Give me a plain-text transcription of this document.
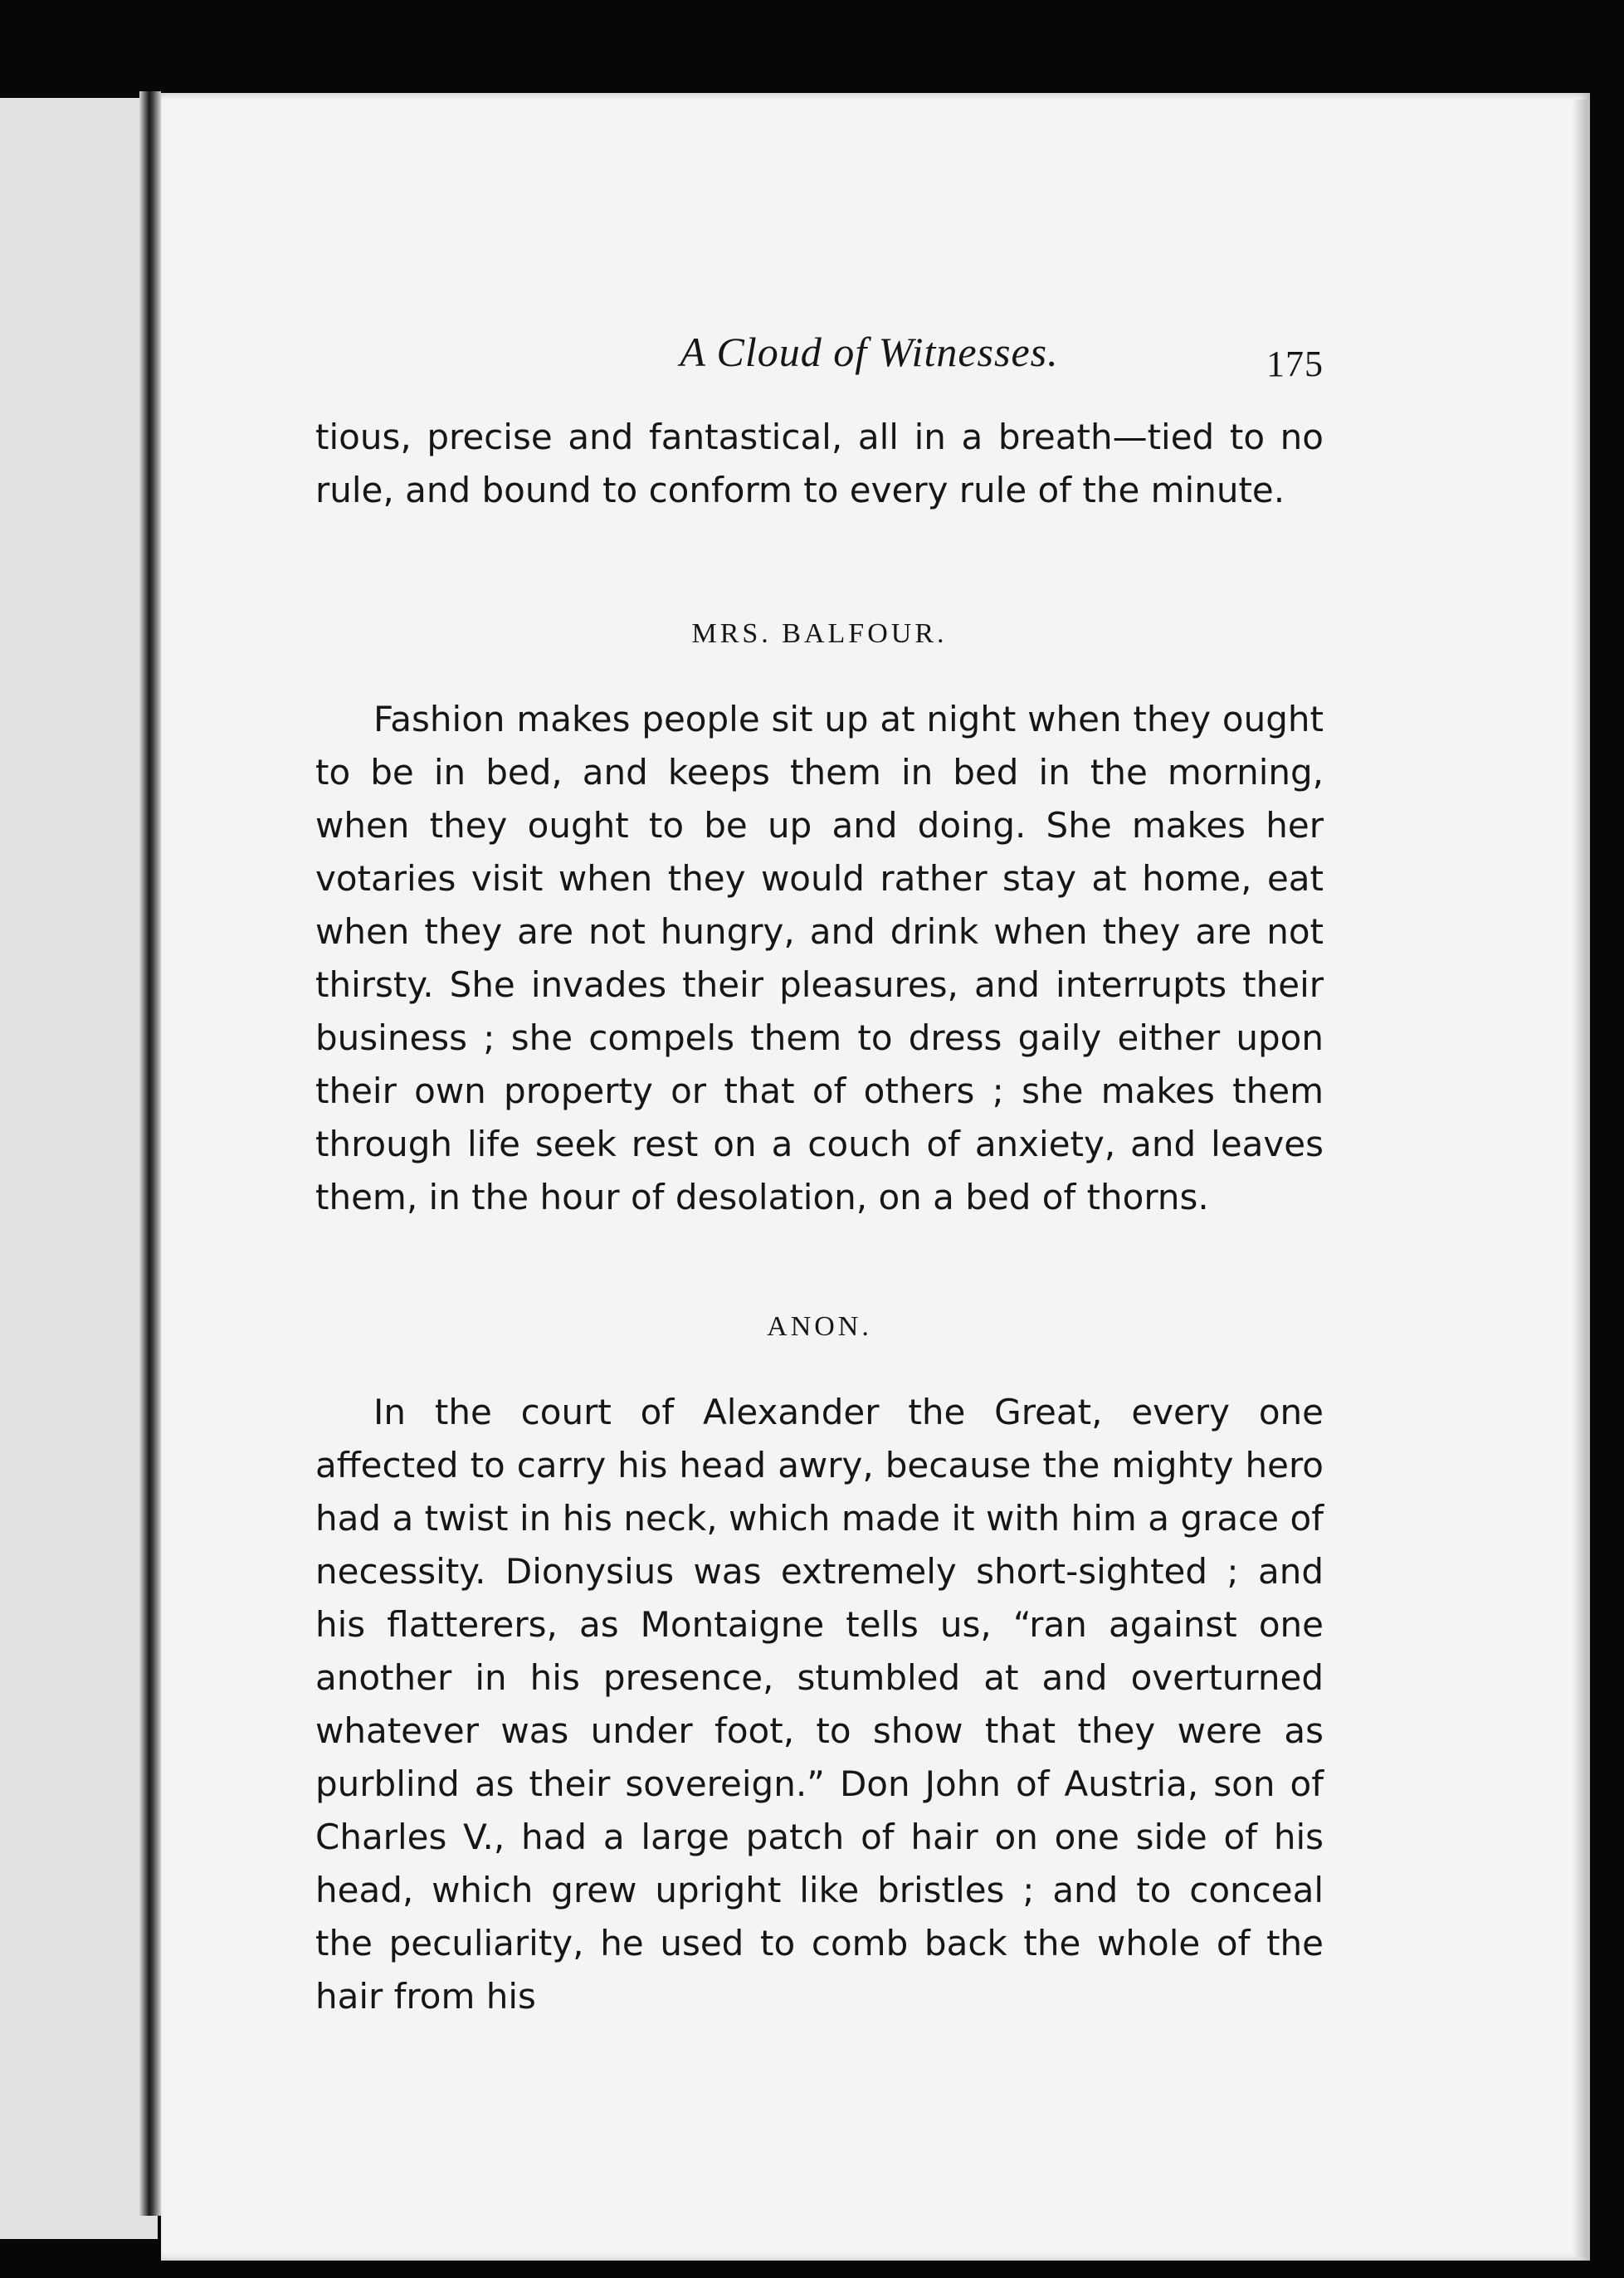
A Cloud of Witnesses.	175

tious, precise and fantastical, all in a breath—tied to no rule, and bound to conform to every rule of the minute.

MRS. BALFOUR.

Fashion makes people sit up at night when they ought to be in bed, and keeps them in bed in the morning, when they ought to be up and doing. She makes her votaries visit when they would rather stay at home, eat when they are not hungry, and drink when they are not thirsty. She invades their pleasures, and interrupts their business ; she compels them to dress gaily either upon their own property or that of others ; she makes them through life seek rest on a couch of anxiety, and leaves them, in the hour of desolation, on a bed of thorns.

ANON.

In the court of Alexander the Great, every one affected to carry his head awry, because the mighty hero had a twist in his neck, which made it with him a grace of necessity. Dionysius was extremely short-sighted ; and his flatterers, as Montaigne tells us, “ran against one another in his presence, stumbled at and overturned whatever was under foot, to show that they were as purblind as their sovereign.” Don John of Austria, son of Charles V., had a large patch of hair on one side of his head, which grew upright like bristles ; and to conceal the peculiarity, he used to comb back the whole of the hair from his
